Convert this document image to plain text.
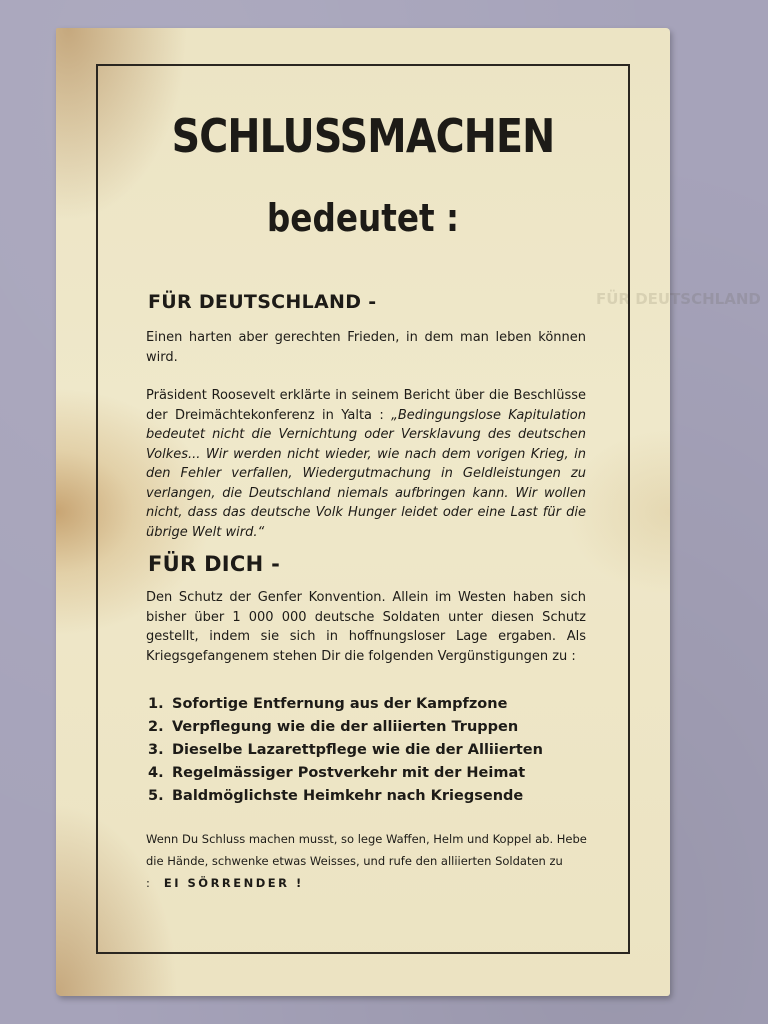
FÜR DEUTSCHLAND
SCHLUSSMACHEN
bedeutet :
FÜR DEUTSCHLAND -

Einen harten aber gerechten Frieden, in dem man leben können wird.

Präsident Roosevelt erklärte in seinem Bericht über die Beschlüsse der Dreimächtekonferenz in Yalta : „Bedingungslose Kapitulation bedeutet nicht die Vernichtung oder Versklavung des deutschen Volkes... Wir werden nicht wieder, wie nach dem vorigen Krieg, in den Fehler verfallen, Wiedergutmachung in Geldleistungen zu verlangen, die Deutschland niemals aufbringen kann. Wir wollen nicht, dass das deutsche Volk Hunger leidet oder eine Last für die übrige Welt wird.“

FÜR DICH -

Den Schutz der Genfer Konvention. Allein im Westen haben sich bisher über 1 000 000 deutsche Soldaten unter diesen Schutz gestellt, indem sie sich in hoffnungsloser Lage ergaben. Als Kriegsgefangenem stehen Dir die folgenden Vergünstigungen zu :

1. Sofortige Entfernung aus der Kampfzone
2. Verpflegung wie die der alliierten Truppen
3. Dieselbe Lazarettpflege wie die der Alliierten
4. Regelmässiger Postverkehr mit der Heimat
5. Baldmöglichste Heimkehr nach Kriegsende

Wenn Du Schluss machen musst, so lege Waffen, Helm und Koppel ab. Hebe die Hände, schwenke etwas Weisses, und rufe den alliierten Soldaten zu : EI SÖRRENDER !
